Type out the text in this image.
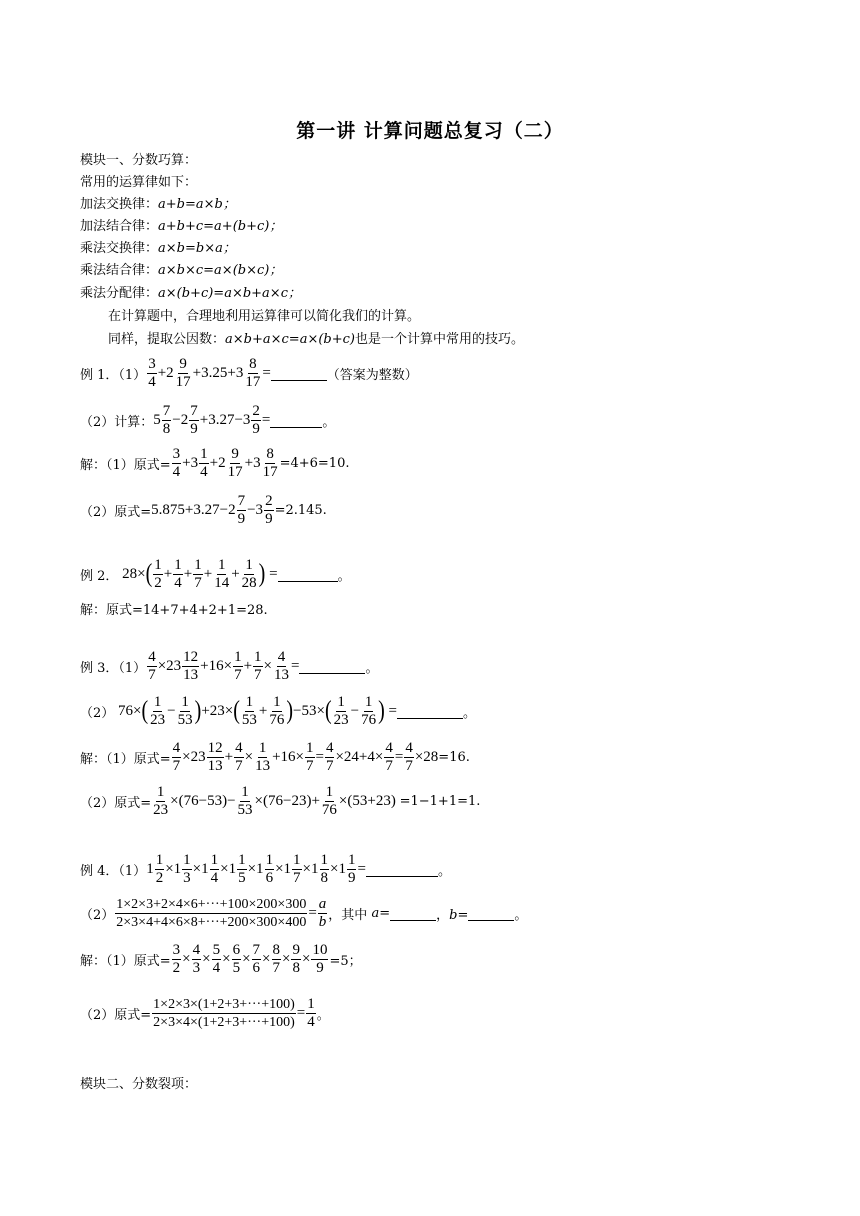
第一讲 计算问题总复习（二）
模块一、分数巧算：
常用的运算律如下：
加法交换律：a+b=a×b；
加法结合律：a+b+c=a+(b+c)；
乘法交换律：a×b=b×a；
乘法结合律：a×b×c=a×(b×c)；
乘法分配律：a×(b+c)=a×b+a×c；
在计算题中，合理地利用运算律可以简化我们的计算。
同样，提取公因数：a×b+a×c=a×(b+c)也是一个计算中常用的技巧。
例 1．$(1) \frac{3}{4} +2 \frac{9}{17} +3.25+3 \frac{8}{17}$ =	（答案为整数）
（2）计算： $5 \frac{7}{8} -2 \frac{7}{9} +3.27-3 \frac{2}{9}$ =	。
解：（1）原式= $\frac{3}{4} +3 \frac{1}{4} +2 \frac{9}{17} +3 \frac{8}{17} =4+6=10$.
（2）原式= $5.875+3.27-2 \frac{7}{9} -3 \frac{2}{9} =2.145$.
例 2． 28× ( $\frac{1}{2} + \frac{1}{4} + \frac{1}{7} + \frac{1}{14} + \frac{1}{28}$ ) =	。
解：原式=14+7+4+2+1=28.
例 3．$(1) \frac{4}{7} \times 23 \frac{12}{13} +16\times \frac{1}{7} + \frac{1}{7} \times \frac{4}{13}$ =	。
（2） 76× ( $\frac{1}{23} - \frac{1}{53}$ ) +23× ( $\frac{1}{53} + \frac{1}{76}$ ) −53× ( $\frac{1}{23} - \frac{1}{76}$ ) =	。
解：（1）原式= $\frac{4}{7} \times 23 \frac{12}{13} + \frac{4}{7} \times \frac{1}{13} +16\times \frac{1}{7} = \frac{4}{7} \times 24+4\times \frac{4}{7} = \frac{4}{7} \times 28 =16$.
（2）原式= $\frac{1}{23} \times(76-53)- \frac{1}{53} \times(76-23)+ \frac{1}{76} \times(53+23) =1-1+1=1$.
例 4．（1） $1 \frac{1}{2} \times 1 \frac{1}{3} \times 1 \frac{1}{4} \times 1 \frac{1}{5} \times 1 \frac{1}{6} \times 1 \frac{1}{7} \times 1 \frac{1}{8} \times 1 \frac{1}{9}$ =	。
$(2) \frac{1\times 2\times 3+2\times 4\times 6+\cdot\cdot\cdot+100\times 200\times 300}{2\times 3\times 4+4\times 6\times 8+\cdot\cdot\cdot+200\times 300\times 400} = \frac{a}{b}$ ，其中 a=	，b=	。
解：（1）原式= $\frac{3}{2} \times \frac{4}{3} \times \frac{5}{4} \times \frac{6}{5} \times \frac{7}{6} \times \frac{8}{7} \times \frac{9}{8} \times \frac{10}{9} =5$；
（2）原式= $\frac{1\times 2\times 3\times(1+2+3+\cdot\cdot\cdot+100)}{2\times 3\times 4\times(1+2+3+\cdot\cdot\cdot+100)} = \frac{1}{4}$ 。
模块二、分数裂项：
